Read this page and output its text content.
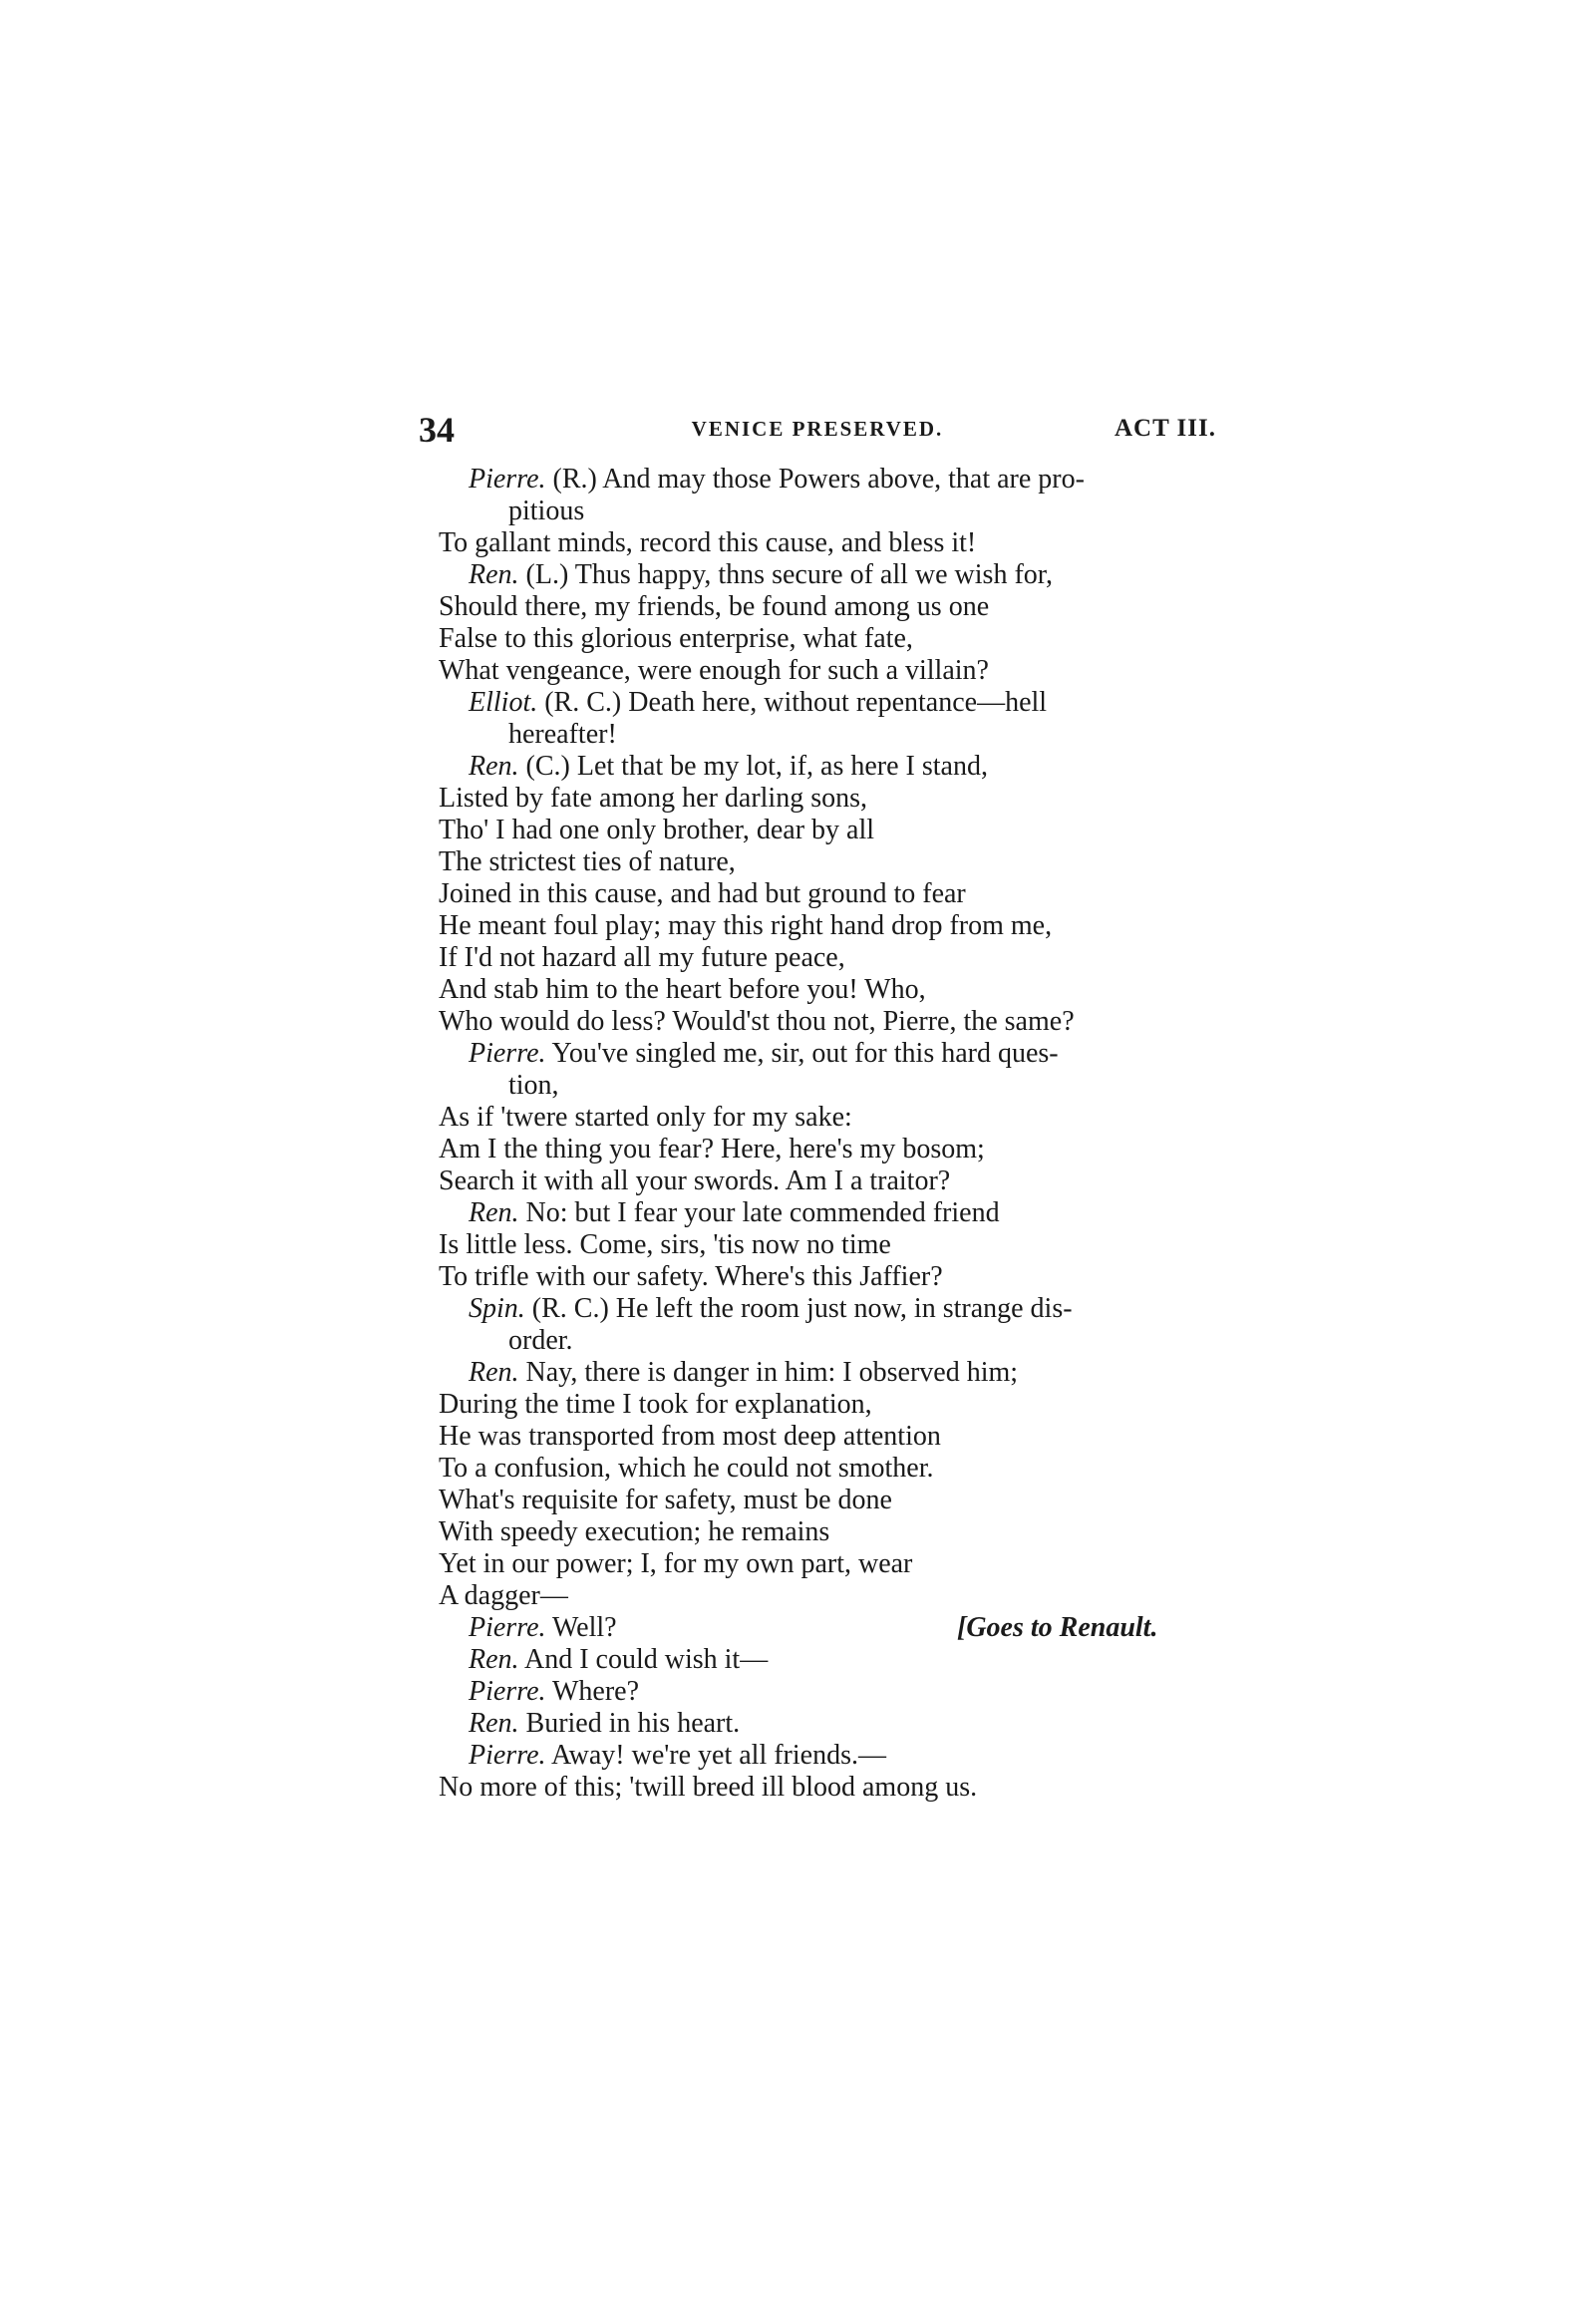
34	VENICE PRESERVED.	ACT III.
Pierre. (R.) And may those Powers above, that are pro-
pitious
To gallant minds, record this cause, and bless it!
Ren. (L.) Thus happy, thns secure of all we wish for,
Should there, my friends, be found among us one
False to this glorious enterprise, what fate,
What vengeance, were enough for such a villain?
Elliot. (R. C.) Death here, without repentance—hell
hereafter!
Ren. (C.) Let that be my lot, if, as here I stand,
Listed by fate among her darling sons,
Tho' I had one only brother, dear by all
The strictest ties of nature,
Joined in this cause, and had but ground to fear
He meant foul play; may this right hand drop from me,
If I'd not hazard all my future peace,
And stab him to the heart before you! Who,
Who would do less? Would'st thou not, Pierre, the same?
Pierre. You've singled me, sir, out for this hard ques-
tion,
As if 'twere started only for my sake:
Am I the thing you fear? Here, here's my bosom;
Search it with all your swords. Am I a traitor?
Ren. No: but I fear your late commended friend
Is little less. Come, sirs, 'tis now no time
To trifle with our safety. Where's this Jaffier?
Spin. (R. C.) He left the room just now, in strange dis-
order.
Ren. Nay, there is danger in him: I observed him;
During the time I took for explanation,
He was transported from most deep attention
To a confusion, which he could not smother.
What's requisite for safety, must be done
With speedy execution; he remains
Yet in our power; I, for my own part, wear
A dagger—
Pierre. Well?	[Goes to Renault.
Ren. And I could wish it—
Pierre. Where?
Ren. Buried in his heart.
Pierre. Away! we're yet all friends.—
No more of this; 'twill breed ill blood among us.
